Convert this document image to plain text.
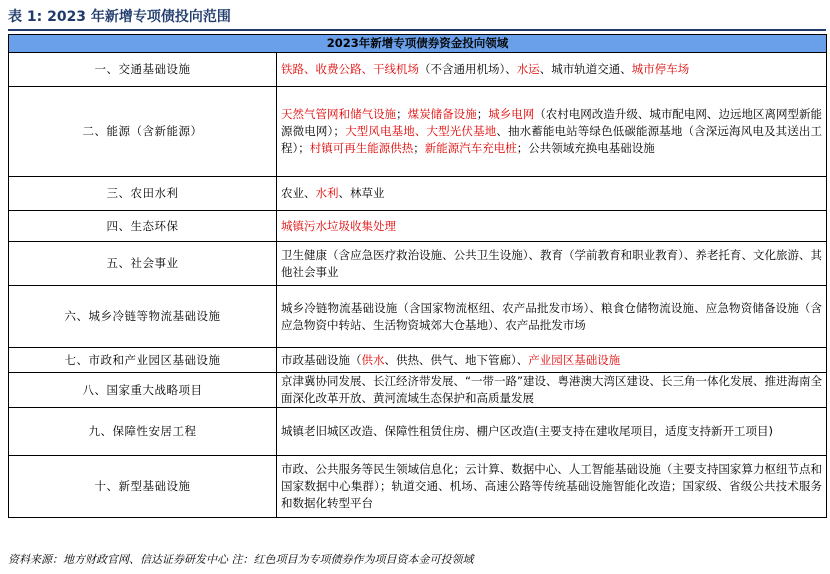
表 1: 2023 年新增专项债投向范围
2023年新增专项债券资金投向领域	
一、交通基础设施	铁路、收费公路、干线机场（不含通用机场）、水运、城市轨道交通、城市停车场
二、能源（含新能源）	天然气管网和储气设施；煤炭储备设施；城乡电网（农村电网改造升级、城市配电网、边远地区离网型新能源微电网）；大型风电基地、大型光伏基地、抽水蓄能电站等绿色低碳能源基地（含深远海风电及其送出工程）；村镇可再生能源供热；新能源汽车充电桩；公共领域充换电基础设施
三、农田水利	农业、水利、林草业
四、生态环保	城镇污水垃圾收集处理
五、社会事业	卫生健康（含应急医疗救治设施、公共卫生设施）、教育（学前教育和职业教育）、养老托育、文化旅游、其他社会事业
六、城乡冷链等物流基础设施	城乡冷链物流基础设施（含国家物流枢纽、农产品批发市场）、粮食仓储物流设施、应急物资储备设施（含应急物资中转站、生活物资城郊大仓基地）、农产品批发市场
七、市政和产业园区基础设施	市政基础设施（供水、供热、供气、地下管廊）、产业园区基础设施
八、国家重大战略项目	京津冀协同发展、长江经济带发展、“一带一路”建设、粤港澳大湾区建设、长三角一体化发展、推进海南全面深化改革开放、黄河流域生态保护和高质量发展
九、保障性安居工程	城镇老旧城区改造、保障性租赁住房、棚户区改造(主要支持在建收尾项目，适度支持新开工项目)
十、新型基础设施	市政、公共服务等民生领域信息化；云计算、数据中心、人工智能基础设施（主要支持国家算力枢纽节点和国家数据中心集群）；轨道交通、机场、高速公路等传统基础设施智能化改造；国家级、省级公共技术服务和数据化转型平台
资料来源：地方财政官网、信达证券研发中心 注：红色项目为专项债券作为项目资本金可投领域
